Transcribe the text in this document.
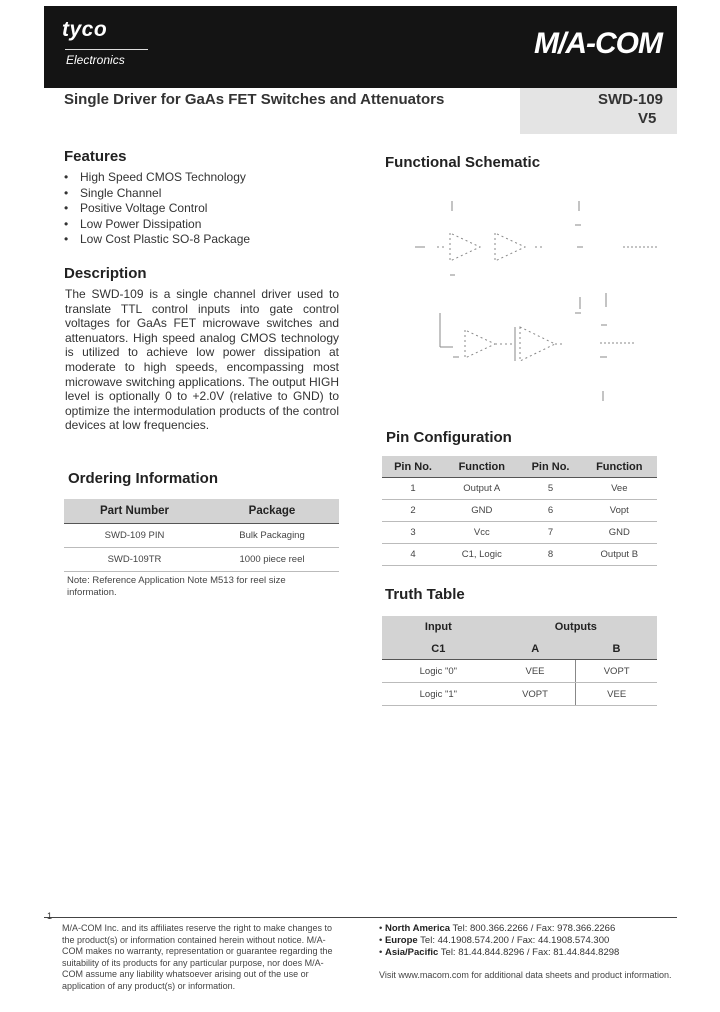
tyco
Electronics	M/A-COM
Single Driver for GaAs FET Switches and Attenuators	SWD-109
V5
Features
• High Speed CMOS Technology
• Single Channel
• Positive Voltage Control
• Low Power Dissipation
• Low Cost Plastic SO-8 Package
Description
The SWD-109 is a single channel driver used to translate TTL control inputs into gate control voltages for GaAs FET microwave switches and attenuators. High speed analog CMOS technology is utilized to achieve low power dissipation at moderate to high speeds, encompassing most microwave switching applications. The output HIGH level is optionally 0 to +2.0V (relative to GND) to optimize the intermodulation products of the control devices at low frequencies.
Ordering Information
Part Number	Package
SWD-109 PIN	Bulk Packaging
SWD-109TR	1000 piece reel
Note: Reference Application Note M513 for reel size information.
Functional Schematic
Pin Configuration
Pin No.	Function	Pin No.	Function
1	Output A	5	Vee
2	GND	6	Vopt
3	Vcc	7	GND
4	C1, Logic	8	Output B
Truth Table
Input	Outputs	
C1	A	B
Logic "0"	VEE	VOPT
Logic "1"	VOPT	VEE
1
M/A-COM Inc. and its affiliates reserve the right to make changes to the product(s) or information contained herein without notice. M/A-COM makes no warranty, representation or guarantee regarding the suitability of its products for any particular purpose, nor does M/A-COM assume any liability whatsoever arising out of the use or application of any product(s) or information.
• North America Tel: 800.366.2266 / Fax: 978.366.2266
• Europe Tel: 44.1908.574.200 / Fax: 44.1908.574.300
• Asia/Pacific Tel: 81.44.844.8296 / Fax: 81.44.844.8298
Visit www.macom.com for additional data sheets and product information.
